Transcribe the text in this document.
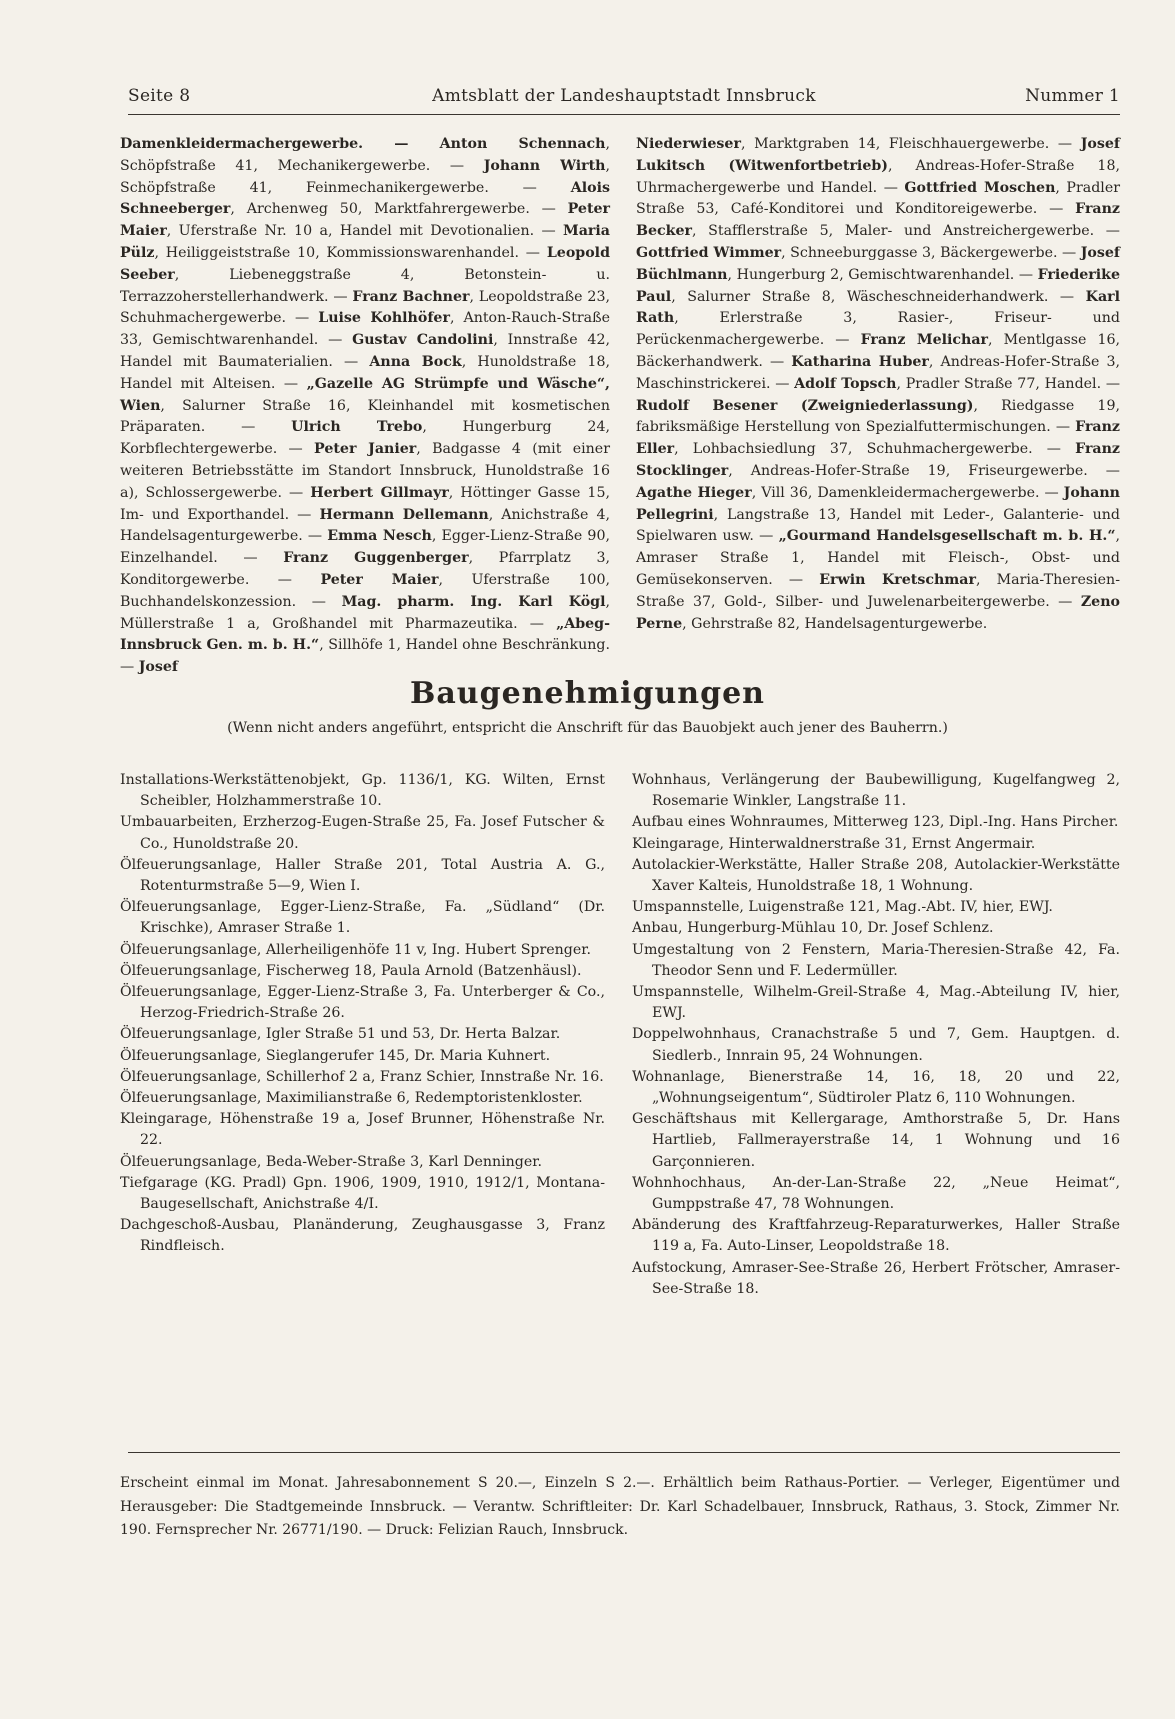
Seite 8	Amtsblatt der Landeshauptstadt Innsbruck	Nummer 1
Damenkleidermachergewerbe. — Anton Schennach, Schöpfstraße 41, Mechanikergewerbe. — Johann Wirth, Schöpfstraße 41, Feinmechanikergewerbe. — Alois Schneeberger, Archenweg 50, Marktfahrergewerbe. — Peter Maier, Uferstraße Nr. 10 a, Handel mit Devotionalien. — Maria Pülz, Heiliggeiststraße 10, Kommissionswarenhandel. — Leopold Seeber, Liebeneggstraße 4, Betonstein- u. Terrazzoherstellerhandwerk. — Franz Bachner, Leopoldstraße 23, Schuhmachergewerbe. — Luise Kohlhöfer, Anton-Rauch-Straße 33, Gemischtwarenhandel. — Gustav Candolini, Innstraße 42, Handel mit Baumaterialien. — Anna Bock, Hunoldstraße 18, Handel mit Alteisen. — „Gazelle AG Strümpfe und Wäsche“, Wien, Salurner Straße 16, Kleinhandel mit kosmetischen Präparaten. — Ulrich Trebo, Hungerburg 24, Korbflechtergewerbe. — Peter Janier, Badgasse 4 (mit einer weiteren Betriebsstätte im Standort Innsbruck, Hunoldstraße 16 a), Schlossergewerbe. — Herbert Gillmayr, Höttinger Gasse 15, Im- und Exporthandel. — Hermann Dellemann, Anichstraße 4, Handelsagenturgewerbe. — Emma Nesch, Egger-Lienz-Straße 90, Einzelhandel. — Franz Guggenberger, Pfarrplatz 3, Konditorgewerbe. — Peter Maier, Uferstraße 100, Buchhandelskonzession. — Mag. pharm. Ing. Karl Kögl, Müllerstraße 1 a, Großhandel mit Pharmazeutika. — „Abeg-Innsbruck Gen. m. b. H.“, Sillhöfe 1, Handel ohne Beschränkung. — Josef
Niederwieser, Marktgraben 14, Fleischhauergewerbe. — Josef Lukitsch (Witwenfortbetrieb), Andreas-Hofer-Straße 18, Uhrmachergewerbe und Handel. — Gottfried Moschen, Pradler Straße 53, Café-Konditorei und Konditoreigewerbe. — Franz Becker, Stafflerstraße 5, Maler- und Anstreichergewerbe. — Gottfried Wimmer, Schneeburggasse 3, Bäckergewerbe. — Josef Büchlmann, Hungerburg 2, Gemischtwarenhandel. — Friederike Paul, Salurner Straße 8, Wäscheschneiderhandwerk. — Karl Rath, Erlerstraße 3, Rasier-, Friseur- und Perückenmachergewerbe. — Franz Melichar, Mentlgasse 16, Bäckerhandwerk. — Katharina Huber, Andreas-Hofer-Straße 3, Maschinstrickerei. — Adolf Topsch, Pradler Straße 77, Handel. — Rudolf Besener (Zweigniederlassung), Riedgasse 19, fabriksmäßige Herstellung von Spezialfuttermischungen. — Franz Eller, Lohbachsiedlung 37, Schuhmachergewerbe. — Franz Stocklinger, Andreas-Hofer-Straße 19, Friseurgewerbe. — Agathe Hieger, Vill 36, Damenkleidermachergewerbe. — Johann Pellegrini, Langstraße 13, Handel mit Leder-, Galanterie- und Spielwaren usw. — „Gourmand Handelsgesellschaft m. b. H.“, Amraser Straße 1, Handel mit Fleisch-, Obst- und Gemüsekonserven. — Erwin Kretschmar, Maria-Theresien-Straße 37, Gold-, Silber- und Juwelenarbeitergewerbe. — Zeno Perne, Gehrstraße 82, Handelsagenturgewerbe.
Baugenehmigungen
(Wenn nicht anders angeführt, entspricht die Anschrift für das Bauobjekt auch jener des Bauherrn.)
Installations-Werkstättenobjekt, Gp. 1136/1, KG. Wilten, Ernst Scheibler, Holzhammerstraße 10.
Umbauarbeiten, Erzherzog-Eugen-Straße 25, Fa. Josef Futscher & Co., Hunoldstraße 20.
Ölfeuerungsanlage, Haller Straße 201, Total Austria A. G., Rotenturmstraße 5—9, Wien I.
Ölfeuerungsanlage, Egger-Lienz-Straße, Fa. „Südland“ (Dr. Krischke), Amraser Straße 1.
Ölfeuerungsanlage, Allerheiligenhöfe 11 v, Ing. Hubert Sprenger.
Ölfeuerungsanlage, Fischerweg 18, Paula Arnold (Batzenhäusl).
Ölfeuerungsanlage, Egger-Lienz-Straße 3, Fa. Unterberger & Co., Herzog-Friedrich-Straße 26.
Ölfeuerungsanlage, Igler Straße 51 und 53, Dr. Herta Balzar.
Ölfeuerungsanlage, Sieglangerufer 145, Dr. Maria Kuhnert.
Ölfeuerungsanlage, Schillerhof 2 a, Franz Schier, Innstraße Nr. 16.
Ölfeuerungsanlage, Maximilianstraße 6, Redemptoristenkloster.
Kleingarage, Höhenstraße 19 a, Josef Brunner, Höhenstraße Nr. 22.
Ölfeuerungsanlage, Beda-Weber-Straße 3, Karl Denninger.
Tiefgarage (KG. Pradl) Gpn. 1906, 1909, 1910, 1912/1, Montana-Baugesellschaft, Anichstraße 4/I.
Dachgeschoß-Ausbau, Planänderung, Zeughausgasse 3, Franz Rindfleisch.
Wohnhaus, Verlängerung der Baubewilligung, Kugelfangweg 2, Rosemarie Winkler, Langstraße 11.
Aufbau eines Wohnraumes, Mitterweg 123, Dipl.-Ing. Hans Pircher.
Kleingarage, Hinterwaldnerstraße 31, Ernst Angermair.
Autolackier-Werkstätte, Haller Straße 208, Autolackier-Werkstätte Xaver Kalteis, Hunoldstraße 18, 1 Wohnung.
Umspannstelle, Luigenstraße 121, Mag.-Abt. IV, hier, EWJ.
Anbau, Hungerburg-Mühlau 10, Dr. Josef Schlenz.
Umgestaltung von 2 Fenstern, Maria-Theresien-Straße 42, Fa. Theodor Senn und F. Ledermüller.
Umspannstelle, Wilhelm-Greil-Straße 4, Mag.-Abteilung IV, hier, EWJ.
Doppelwohnhaus, Cranachstraße 5 und 7, Gem. Hauptgen. d. Siedlerb., Innrain 95, 24 Wohnungen.
Wohnanlage, Bienerstraße 14, 16, 18, 20 und 22, „Wohnungseigentum“, Südtiroler Platz 6, 110 Wohnungen.
Geschäftshaus mit Kellergarage, Amthorstraße 5, Dr. Hans Hartlieb, Fallmerayerstraße 14, 1 Wohnung und 16 Garçonnieren.
Wohnhochhaus, An-der-Lan-Straße 22, „Neue Heimat“, Gumppstraße 47, 78 Wohnungen.
Abänderung des Kraftfahrzeug-Reparaturwerkes, Haller Straße 119 a, Fa. Auto-Linser, Leopoldstraße 18.
Aufstockung, Amraser-See-Straße 26, Herbert Frötscher, Amraser-See-Straße 18.
Erscheint einmal im Monat. Jahresabonnement S 20.—, Einzeln S 2.—. Erhältlich beim Rathaus-Portier. — Verleger, Eigentümer und Herausgeber: Die Stadtgemeinde Innsbruck. — Verantw. Schriftleiter: Dr. Karl Schadelbauer, Innsbruck, Rathaus, 3. Stock, Zimmer Nr. 190. Fernsprecher Nr. 26771/190. — Druck: Felizian Rauch, Innsbruck.
